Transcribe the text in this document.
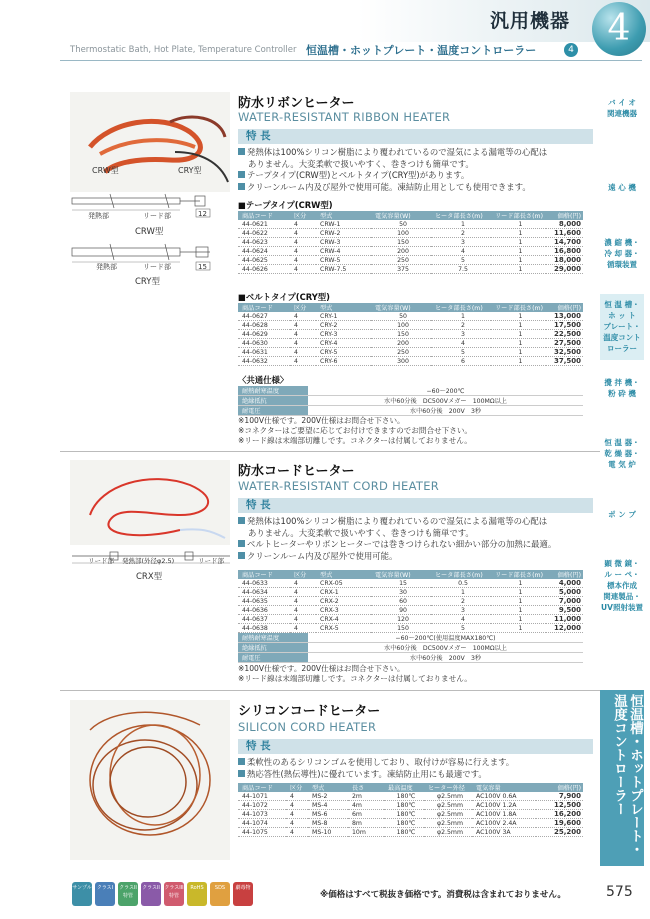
汎用機器	4
Thermostatic Bath, Hot Plate, Temperature Controller 恒温槽・ホットプレート・温度コントローラー	4
バ イ オ
関連機器
遠 心 機
濃 縮 機・
冷 却 器・
循環装置
恒 温 槽・
ホ ッ ト
プレート・
温度コント
ローラー
攪 拌 機・
粉 砕 機
恒 温 器・
乾 燥 器・
電 気 炉
ポ ン プ
顕 微 鏡・
ル ー ペ・
標本作成
関連製品・
UV照射装置
恒温槽・ホットプレート・温度コントローラー
CRW型	CRY型
発熱部	リード部	12
CRW型
発熱部	リード部	15
CRY型
防水リボンヒーター
WATER-RESISTANT RIBBON HEATER
特 長
発熱体は100%シリコン樹脂により覆われているので湿気による漏電等の心配は
ありません。大変柔軟で扱いやすく、巻きつけも簡単です。
テープタイプ(CRW型)とベルトタイプ(CRY型)があります。
クリーンルーム内及び屋外で使用可能。凍結防止用としても使用できます。
■テープタイプ(CRW型)
商品コード	区分	型式	電気容量(W)	ヒータ部長さ(m)	リード部長さ(m)	価格(円)
44-0621	4	CRW-1	50	1	1	8,000
44-0622	4	CRW-2	100	2	1	11,600
44-0623	4	CRW-3	150	3	1	14,700
44-0624	4	CRW-4	200	4	1	16,800
44-0625	4	CRW-5	250	5	1	18,000
44-0626	4	CRW-7.5	375	7.5	1	29,000
■ベルトタイプ(CRY型)
商品コード	区分	型式	電気容量(W)	ヒータ部長さ(m)	リード部長さ(m)	価格(円)
44-0627	4	CRY-1	50	1	1	13,000
44-0628	4	CRY-2	100	2	1	17,500
44-0629	4	CRY-3	150	3	1	22,500
44-0630	4	CRY-4	200	4	1	27,500
44-0631	4	CRY-5	250	5	1	32,500
44-0632	4	CRY-6	300	6	1	37,500
〈共通仕様〉
耐熱耐寒温度	−60〜200℃
絶縁抵抗	水中60分後　DC500Vメガー　100MΩ以上
耐電圧	水中60分後　200V　3秒
※100V仕様です。200V仕様はお問合せ下さい。
※コネクターはご要望に応じてお付けできますのでお問合せ下さい。
※リード線は末端部切離しです。コネクターは付属しておりません。
リード部 発熱部(外径φ2.5)	リード部
CRX型
防水コードヒーター
WATER-RESISTANT CORD HEATER
特 長
発熱体は100%シリコン樹脂により覆われているので湿気による漏電等の心配は
ありません。大変柔軟で扱いやすく、巻きつけも簡単です。
ベルトヒーターやリボンヒーターでは巻きつけられない細かい部分の加熱に最適。
クリーンルーム内及び屋外で使用可能。
商品コード	区分	型式	電気容量(W)	ヒータ部長さ(m)	リード部長さ(m)	価格(円)
44-0633	4	CRX-05	15	0.5	1	4,000
44-0634	4	CRX-1	30	1	1	5,000
44-0635	4	CRX-2	60	2	1	7,000
44-0636	4	CRX-3	90	3	1	9,500
44-0637	4	CRX-4	120	4	1	11,000
44-0638	4	CRX-5	150	5	1	12,000
耐熱耐寒温度	−60〜200℃(使用温度MAX180℃)
絶縁抵抗	水中60分後　DC500Vメガー　100MΩ以上
耐電圧	水中60分後　200V　3秒
※100V仕様です。200V仕様はお問合せ下さい。
※リード線は末端部切離しです。コネクターは付属しておりません。
シリコンコードヒーター
SILICON CORD HEATER
特 長
柔軟性のあるシリコンゴムを使用しており、取付けが容易に行えます。
熱応答性(熱伝導性)に優れています。凍結防止用にも最適です。
商品コード	区分	型式	長さ	最高温度	ヒーター外径	電気容量	価格(円)
44-1071	4	MS-2	2m	180℃	φ2.5mm	AC100V 0.6A	7,900
44-1072	4	MS-4	4m	180℃	φ2.5mm	AC100V 1.2A	12,500
44-1073	4	MS-6	6m	180℃	φ2.5mm	AC100V 1.8A	16,200
44-1074	4	MS-8	8m	180℃	φ2.5mm	AC100V 2.4A	19,600
44-1075	4	MS-10	10m	180℃	φ2.5mm	AC100V 3A	25,200
サンプル	クラスI	クラスII特管
クラスII クラスIII特管
RoHS	SDS	劇毒物
※価格はすべて税抜き価格です。消費税は含まれておりません。	575
